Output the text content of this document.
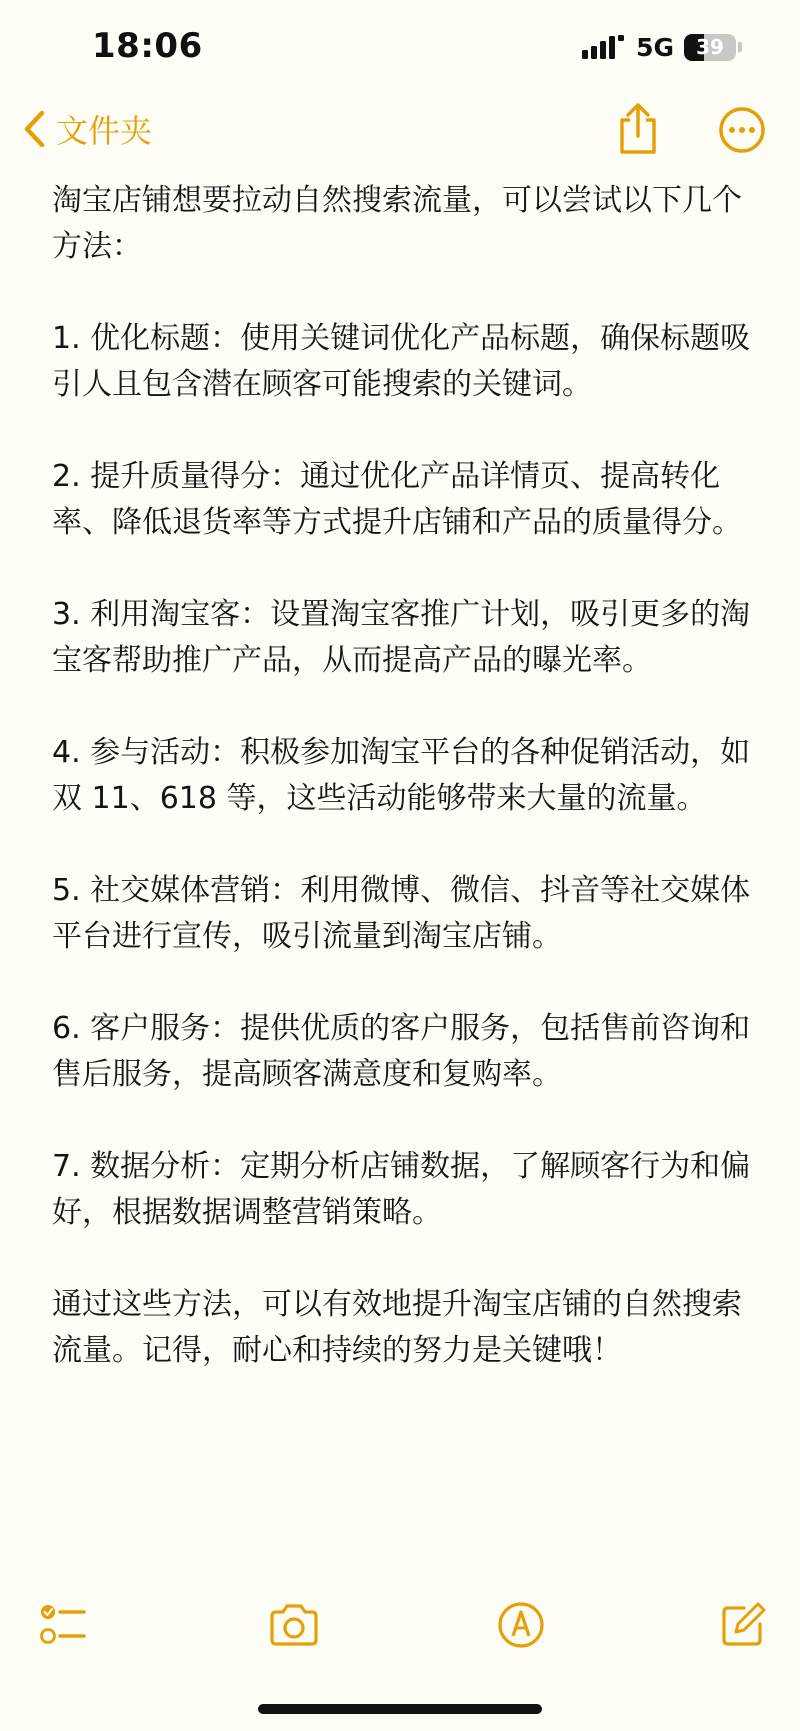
18:06	5G	39
文件夹

淘宝店铺想要拉动自然搜索流量，可以尝试以下几个方法：

1. 优化标题：使用关键词优化产品标题，确保标题吸引人且包含潜在顾客可能搜索的关键词。

2. 提升质量得分：通过优化产品详情页、提高转化率、降低退货率等方式提升店铺和产品的质量得分。

3. 利用淘宝客：设置淘宝客推广计划，吸引更多的淘宝客帮助推广产品，从而提高产品的曝光率。

4. 参与活动：积极参加淘宝平台的各种促销活动，如双 11、618 等，这些活动能够带来大量的流量。

5. 社交媒体营销：利用微博、微信、抖音等社交媒体平台进行宣传，吸引流量到淘宝店铺。

6. 客户服务：提供优质的客户服务，包括售前咨询和售后服务，提高顾客满意度和复购率。

7. 数据分析：定期分析店铺数据，了解顾客行为和偏好，根据数据调整营销策略。

通过这些方法，可以有效地提升淘宝店铺的自然搜索流量。记得，耐心和持续的努力是关键哦！
